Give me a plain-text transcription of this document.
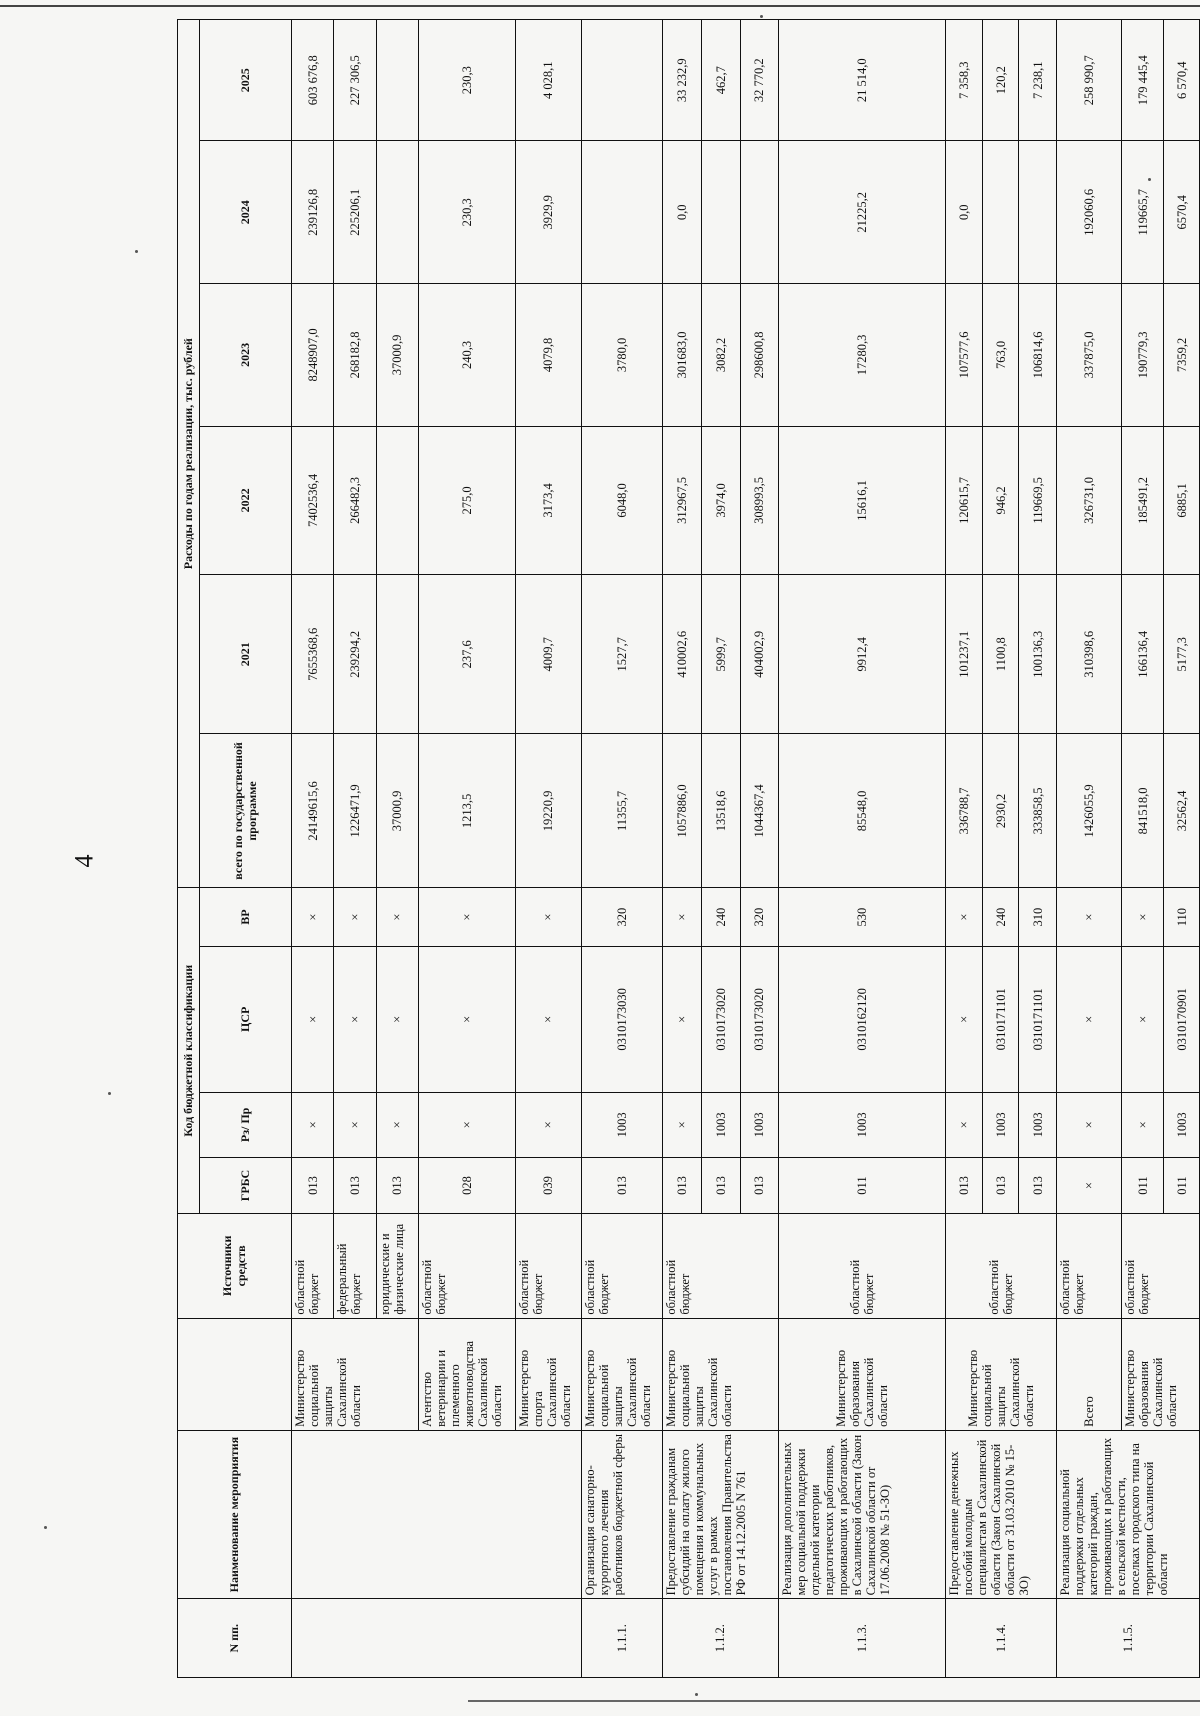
4
N пп.	Наименование мероприятия		Источники средств	Код бюджетной классификации				Расходы по годам реализации, тыс. рублей					
				ГРБС	Рз/ Пр	ЦСР	ВР	всего по государственной программе	2021	2022	2023	2024	2025
		Министерство социальной защиты Сахалинской области	областной бюджет	013	×	×	×	24149615,6	7655368,6	7402536,4	8248907,0	239126,8	603 676,8
			федеральный бюджет	013	×	×	×	1226471,9	239294,2	266482,3	268182,8	225206,1	227 306,5
			юридические и физические лица	013	×	×	×	37000,9			37000,9		
		Агентство ветеринарии и племенного животноводства Сахалинской области	областной бюджет	028	×	×	×	1213,5	237,6	275,0	240,3	230,3	230,3
		Министерство спорта Сахалинской области	областной бюджет	039	×	×	×	19220,9	4009,7	3173,4	4079,8	3929,9	4 028,1
1.1.1.	Организация санаторно-курортного лечения работников бюджетной сферы	Министерство социальной защиты Сахалинской области	областной бюджет	013	1003	0310173030	320	11355,7	1527,7	6048,0	3780,0		
1.1.2.	Предоставление гражданам субсидий на оплату жилого помещения и коммунальных услуг в рамках постановления Правительства РФ от 14.12.2005 N 761	Министерство социальной защиты Сахалинской области	областной бюджет	013	×	×	×	1057886,0	410002,6	312967,5	301683,0	0,0	33 232,9
				013	1003	0310173020	240	13518,6	5999,7	3974,0	3082,2		462,7
				013	1003	0310173020	320	1044367,4	404002,9	308993,5	298600,8		32 770,2
1.1.3.	Реализация дополнительных мер социальной поддержки отдельной категории педагогических работников, проживающих и работающих в Сахалинской области (Закон Сахалинской области от 17.06.2008 № 51-ЗО)	Министерство образования Сахалинской области	областной бюджет	011	1003	0310162120	530	85548,0	9912,4	15616,1	17280,3	21225,2	21 514,0
1.1.4.	Предоставление денежных пособий молодым специалистам в Сахалинской области (Закон Сахалинской области от 31.03.2010 № 15-ЗО)	Министерство социальной защиты Сахалинской области	областной бюджет	013	×	×	×	336788,7	101237,1	120615,7	107577,6	0,0	7 358,3
				013	1003	0310171101	240	2930,2	1100,8	946,2	763,0		120,2
				013	1003	0310171101	310	333858,5	100136,3	119669,5	106814,6		7 238,1
1.1.5.	Реализация социальной поддержки отдельных категорий граждан, проживающих и работающих в сельской местности, поселках городского типа на территории Сахалинской области	Всего	областной бюджет	×	×	×	×	1426055,9	310398,6	326731,0	337875,0	192060,6	258 990,7
		Министерство образования Сахалинской области	областной бюджет	011	×	×	×	841518,0	166136,4	185491,2	190779,3	119665,7	179 445,4
				011	1003	0310170901	110	32562,4	5177,3	6885,1	7359,2	6570,4	6 570,4
